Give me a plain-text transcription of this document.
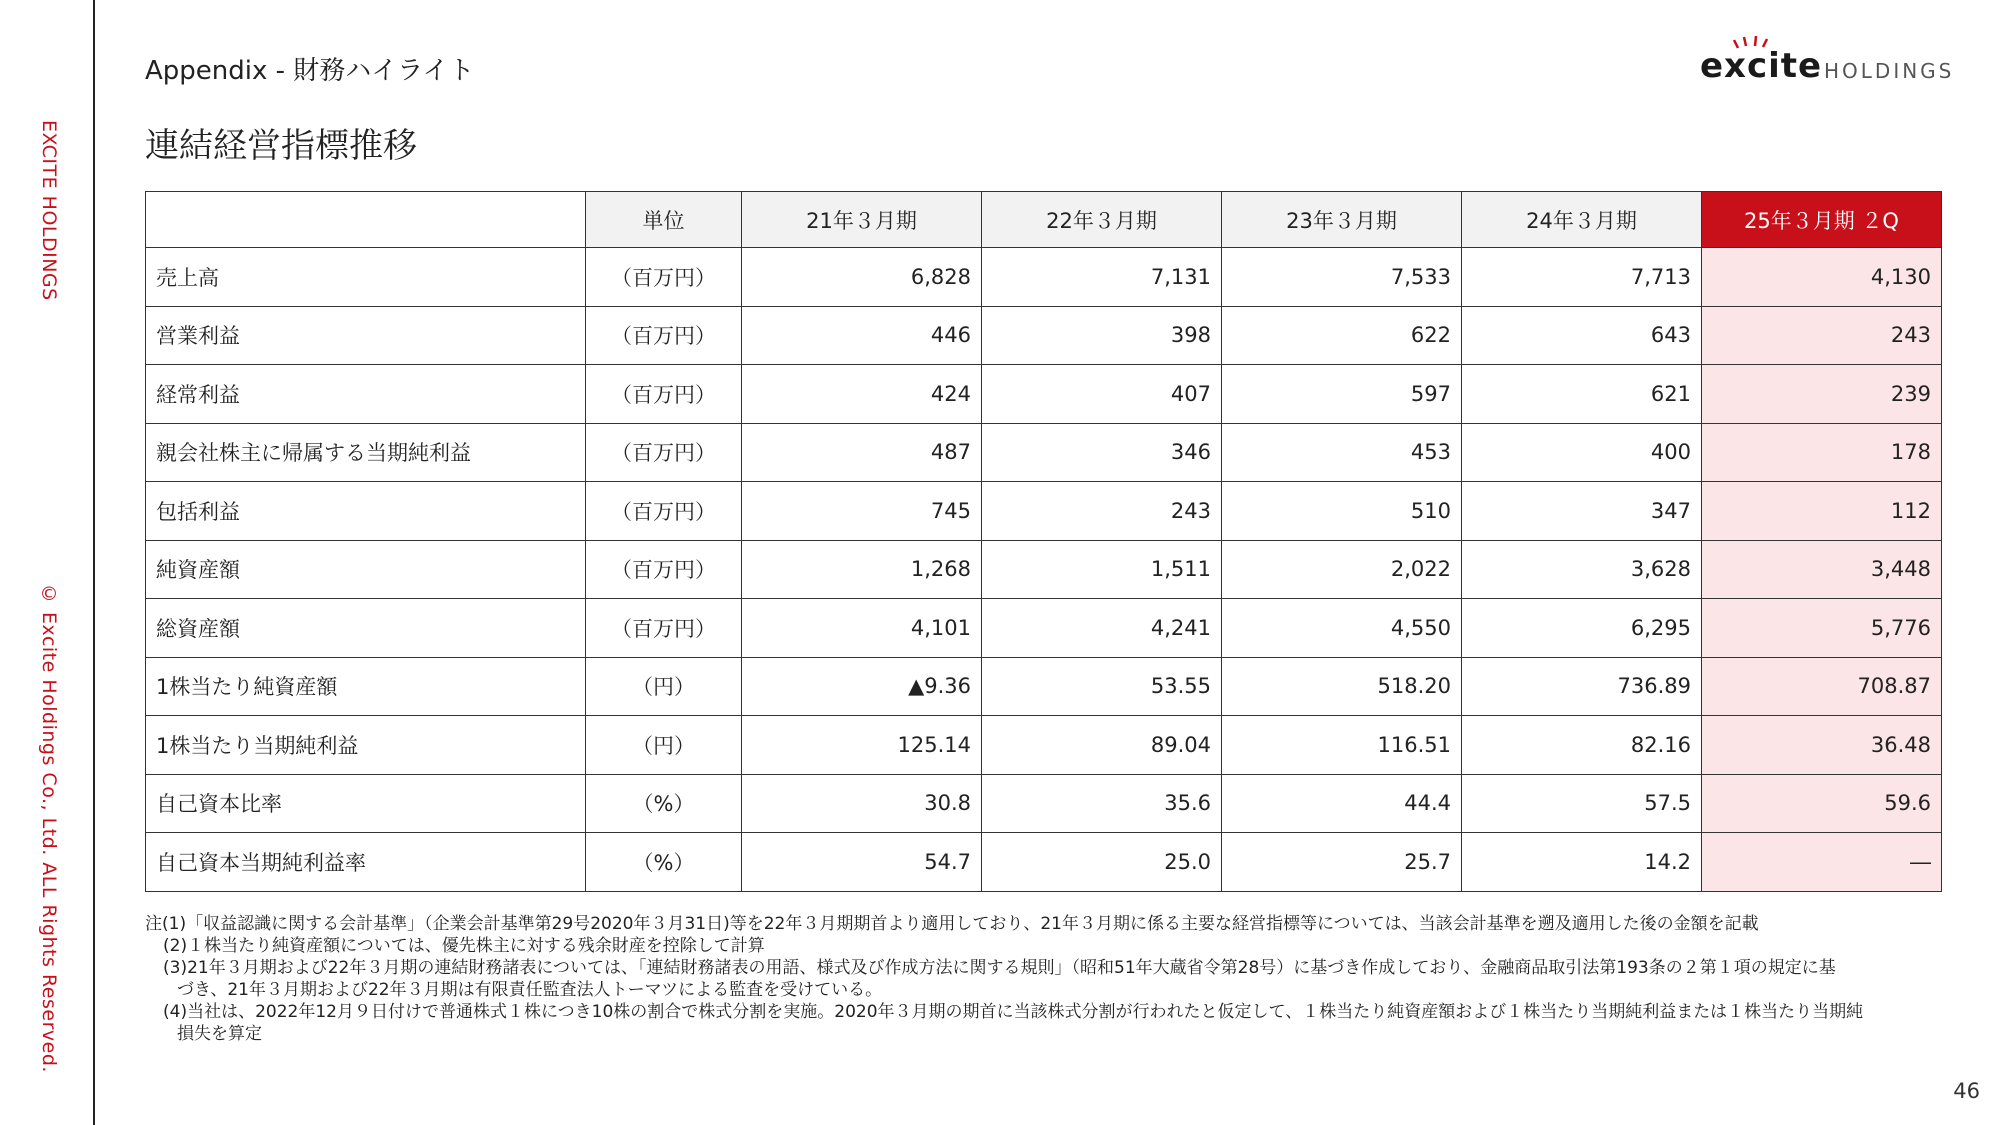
EXCITE HOLDINGS
© Excite Holdings Co., Ltd. ALL Rights Reserved.
Appendix - 財務ハイライト
連結経営指標推移
excite HOLDINGS
	単位	21年３月期	22年３月期	23年３月期	24年３月期	25年３月期 ２Q
売上高	（百万円）	6,828	7,131	7,533	7,713	4,130
営業利益	（百万円）	446	398	622	643	243
経常利益	（百万円）	424	407	597	621	239
親会社株主に帰属する当期純利益	（百万円）	487	346	453	400	178
包括利益	（百万円）	745	243	510	347	112
純資産額	（百万円）	1,268	1,511	2,022	3,628	3,448
総資産額	（百万円）	4,101	4,241	4,550	6,295	5,776
1株当たり純資産額	（円）	▲9.36	53.55	518.20	736.89	708.87
1株当たり当期純利益	（円）	125.14	89.04	116.51	82.16	36.48
自己資本比率	（%）	30.8	35.6	44.4	57.5	59.6
自己資本当期純利益率	（%）	54.7	25.0	25.7	14.2	―
注(1)「収益認識に関する会計基準」（企業会計基準第29号2020年３月31日)等を22年３月期期首より適用しており、21年３月期に係る主要な経営指標等については、当該会計基準を遡及適用した後の金額を記載
(2)１株当たり純資産額については、優先株主に対する残余財産を控除して計算
(3)21年３月期および22年３月期の連結財務諸表については、「連結財務諸表の用語、様式及び作成方法に関する規則」（昭和51年大蔵省令第28号）に基づき作成しており、金融商品取引法第193条の２第１項の規定に基
づき、21年３月期および22年３月期は有限責任監査法人トーマツによる監査を受けている。
(4)当社は、2022年12月９日付けで普通株式１株につき10株の割合で株式分割を実施。2020年３月期の期首に当該株式分割が行われたと仮定して、１株当たり純資産額および１株当たり当期純利益または１株当たり当期純
損失を算定
46
